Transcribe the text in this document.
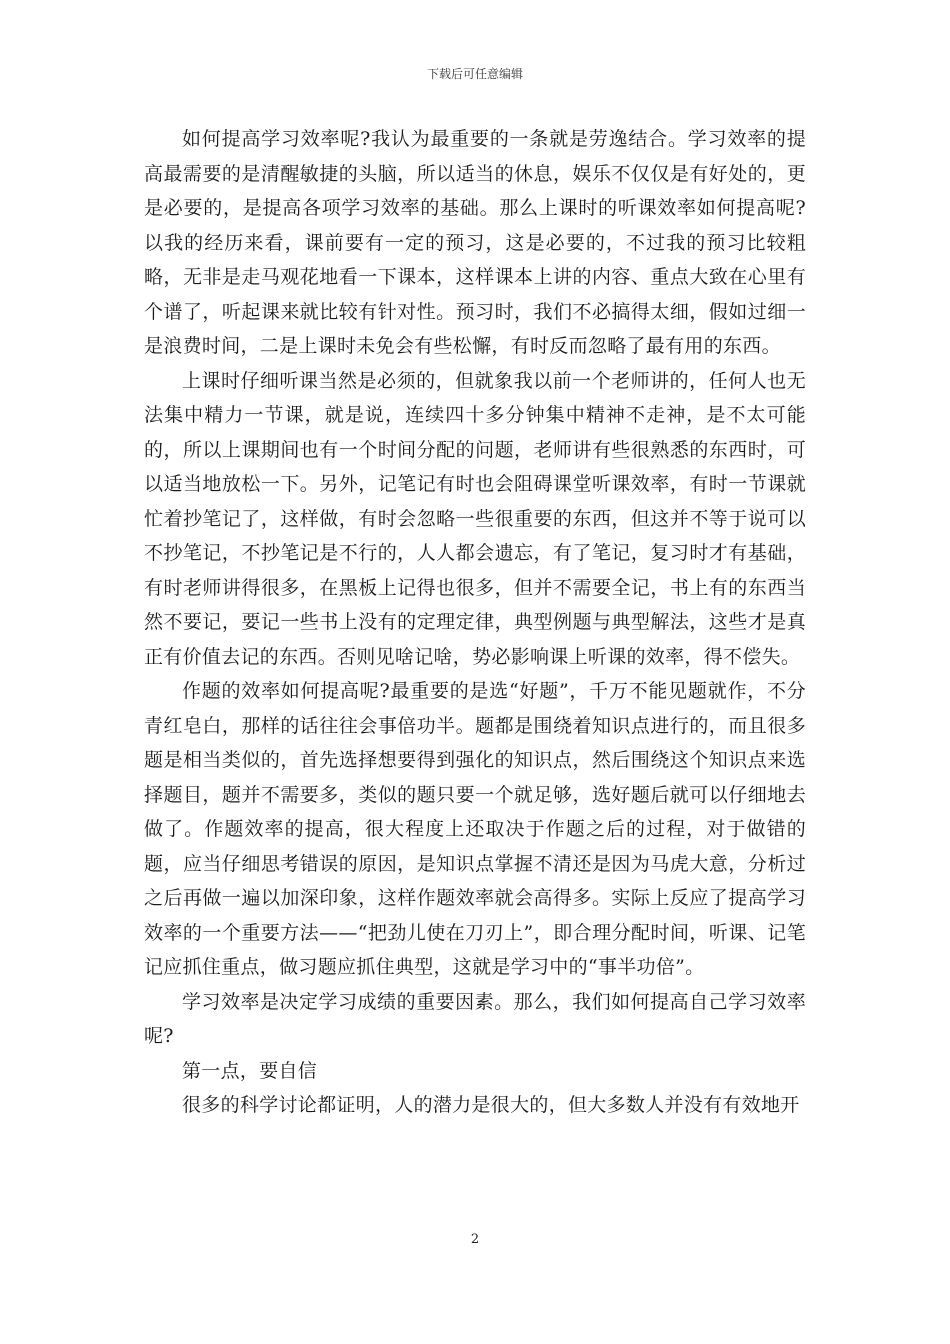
下载后可任意编辑

如何提高学习效率呢?我认为最重要的一条就是劳逸结合。学习效率的提高最需要的是清醒敏捷的头脑，所以适当的休息，娱乐不仅仅是有好处的，更是必要的，是提高各项学习效率的基础。那么上课时的听课效率如何提高呢?以我的经历来看，课前要有一定的预习，这是必要的，不过我的预习比较粗略，无非是走马观花地看一下课本，这样课本上讲的内容、重点大致在心里有个谱了，听起课来就比较有针对性。预习时，我们不必搞得太细，假如过细一是浪费时间，二是上课时未免会有些松懈，有时反而忽略了最有用的东西。

上课时仔细听课当然是必须的，但就象我以前一个老师讲的，任何人也无法集中精力一节课，就是说，连续四十多分钟集中精神不走神，是不太可能的，所以上课期间也有一个时间分配的问题，老师讲有些很熟悉的东西时，可以适当地放松一下。另外，记笔记有时也会阻碍课堂听课效率，有时一节课就忙着抄笔记了，这样做，有时会忽略一些很重要的东西，但这并不等于说可以不抄笔记，不抄笔记是不行的，人人都会遗忘，有了笔记，复习时才有基础，有时老师讲得很多，在黑板上记得也很多，但并不需要全记，书上有的东西当然不要记，要记一些书上没有的定理定律，典型例题与典型解法，这些才是真正有价值去记的东西。否则见啥记啥，势必影响课上听课的效率，得不偿失。

作题的效率如何提高呢?最重要的是选“好题”，千万不能见题就作，不分青红皂白，那样的话往往会事倍功半。题都是围绕着知识点进行的，而且很多题是相当类似的，首先选择想要得到强化的知识点，然后围绕这个知识点来选择题目，题并不需要多，类似的题只要一个就足够，选好题后就可以仔细地去做了。作题效率的提高，很大程度上还取决于作题之后的过程，对于做错的题，应当仔细思考错误的原因，是知识点掌握不清还是因为马虎大意，分析过之后再做一遍以加深印象，这样作题效率就会高得多。实际上反应了提高学习效率的一个重要方法——“把劲儿使在刀刃上”，即合理分配时间，听课、记笔记应抓住重点，做习题应抓住典型，这就是学习中的“事半功倍”。

学习效率是决定学习成绩的重要因素。那么，我们如何提高自己学习效率呢?

第一点，要自信

很多的科学讨论都证明，人的潜力是很大的，但大多数人并没有有效地开

2
